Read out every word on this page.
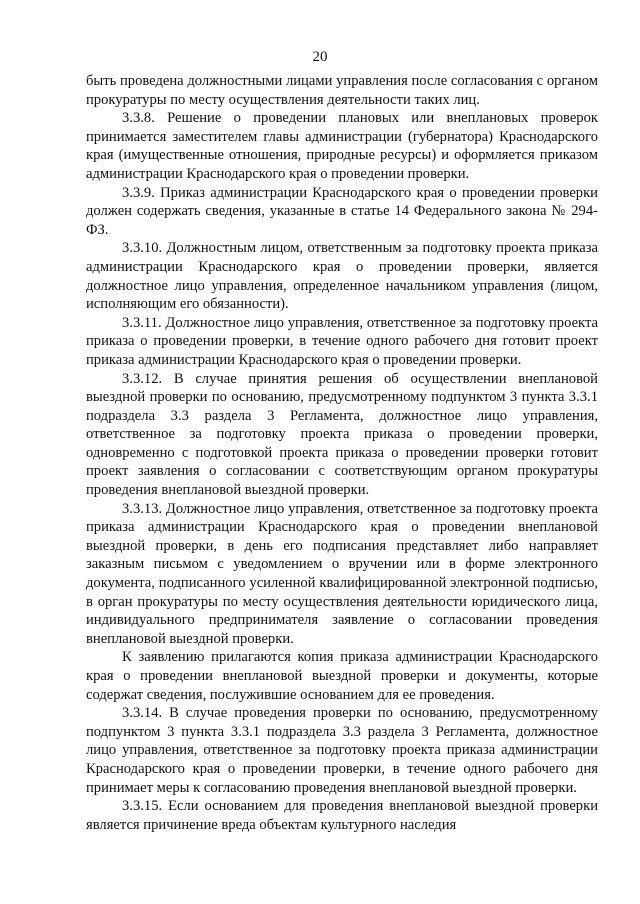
20

быть проведена должностными лицами управления после согласования с органом прокуратуры по месту осуществления деятельности таких лиц.

3.3.8. Решение о проведении плановых или внеплановых проверок принимается заместителем главы администрации (губернатора) Краснодарского края (имущественные отношения, природные ресурсы) и оформляется приказом администрации Краснодарского края о проведении проверки.

3.3.9. Приказ администрации Краснодарского края о проведении проверки должен содержать сведения, указанные в статье 14 Федерального закона № 294-ФЗ.

3.3.10. Должностным лицом, ответственным за подготовку проекта приказа администрации Краснодарского края о проведении проверки, является должностное лицо управления, определенное начальником управления (лицом, исполняющим его обязанности).

3.3.11. Должностное лицо управления, ответственное за подготовку проекта приказа о проведении проверки, в течение одного рабочего дня готовит проект приказа администрации Краснодарского края о проведении проверки.

3.3.12. В случае принятия решения об осуществлении внеплановой выездной проверки по основанию, предусмотренному подпунктом 3 пункта 3.3.1 подраздела 3.3 раздела 3 Регламента, должностное лицо управления, ответственное за подготовку проекта приказа о проведении проверки, одновременно с подготовкой проекта приказа о проведении проверки готовит проект заявления о согласовании с соответствующим органом прокуратуры проведения внеплановой выездной проверки.

3.3.13. Должностное лицо управления, ответственное за подготовку проекта приказа администрации Краснодарского края о проведении внеплановой выездной проверки, в день его подписания представляет либо направляет заказным письмом с уведомлением о вручении или в форме электронного документа, подписанного усиленной квалифицированной электронной подписью, в орган прокуратуры по месту осуществления деятельности юридического лица, индивидуального предпринимателя заявление о согласовании проведения внеплановой выездной проверки.

К заявлению прилагаются копия приказа администрации Краснодарского края о проведении внеплановой выездной проверки и документы, которые содержат сведения, послужившие основанием для ее проведения.

3.3.14. В случае проведения проверки по основанию, предусмотренному подпунктом 3 пункта 3.3.1 подраздела 3.3 раздела 3 Регламента, должностное лицо управления, ответственное за подготовку проекта приказа администрации Краснодарского края о проведении проверки, в течение одного рабочего дня принимает меры к согласованию проведения внеплановой выездной проверки.

3.3.15. Если основанием для проведения внеплановой выездной проверки является причинение вреда объектам культурного наследия
